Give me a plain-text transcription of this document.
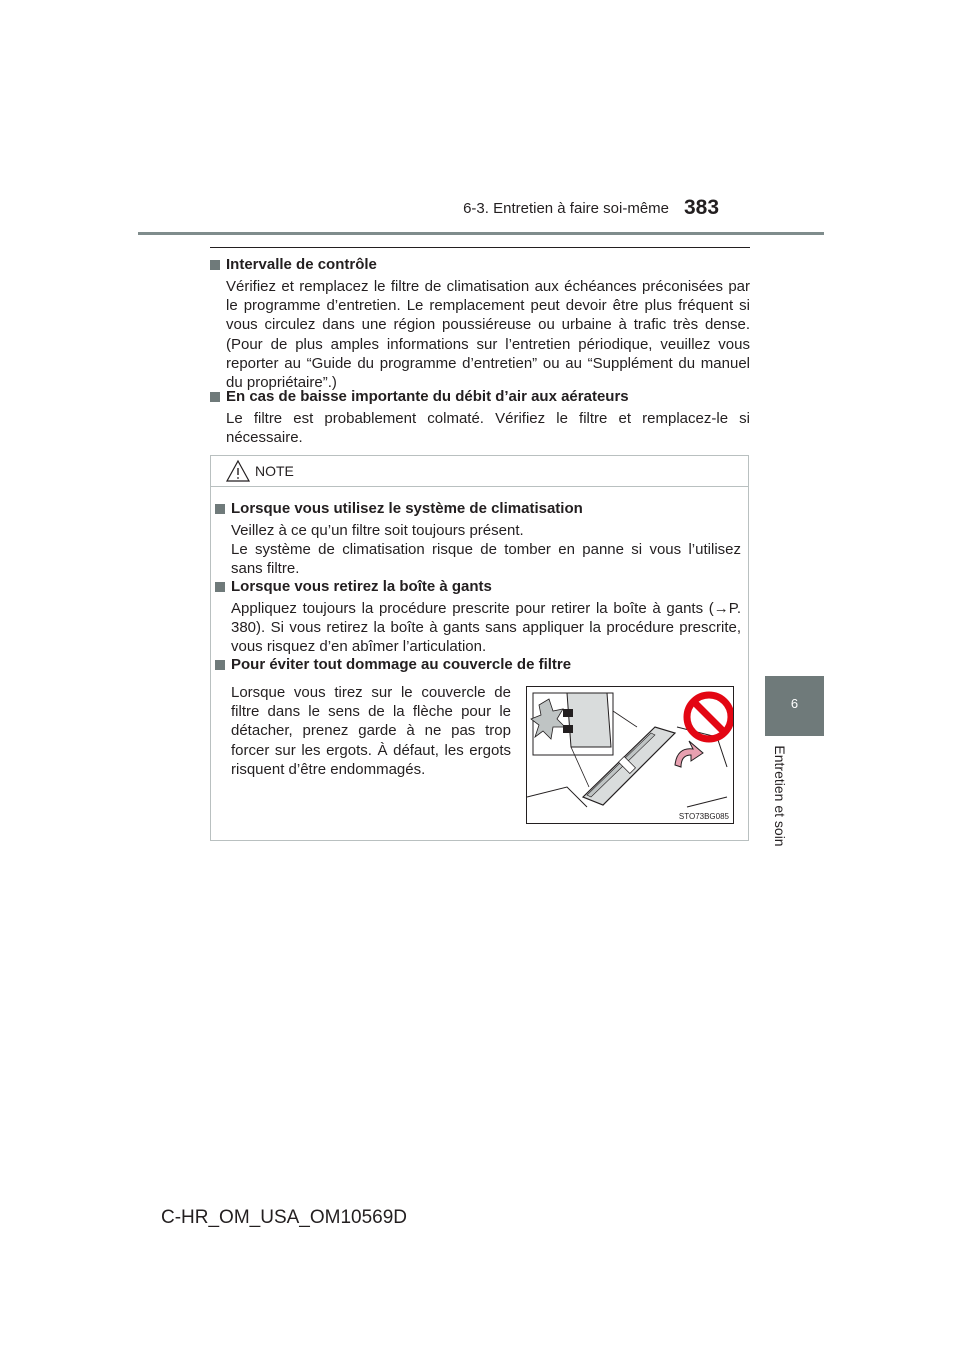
6-3. Entretien à faire soi-même 383
6
Entretien et soin
Intervalle de contrôle
Vérifiez et remplacez le filtre de climatisation aux échéances préconisées par le programme d’entretien. Le remplacement peut devoir être plus fréquent si vous circulez dans une région poussiéreuse ou urbaine à trafic très dense. (Pour de plus amples informations sur l’entretien périodique, veuillez vous reporter au “Guide du programme d’entretien” ou au “Supplément du manuel du propriétaire”.)
En cas de baisse importante du débit d’air aux aérateurs
Le filtre est probablement colmaté. Vérifiez le filtre et remplacez-le si nécessaire.
NOTE
Lorsque vous utilisez le système de climatisation
Veillez à ce qu’un filtre soit toujours présent.
Le système de climatisation risque de tomber en panne si vous l’utilisez sans filtre.
Lorsque vous retirez la boîte à gants
Appliquez toujours la procédure prescrite pour retirer la boîte à gants (→P. 380). Si vous retirez la boîte à gants sans appliquer la procédure prescrite, vous risquez d’en abîmer l’articulation.
Pour éviter tout dommage au couvercle de filtre
Lorsque vous tirez sur le couvercle de filtre dans le sens de la flèche pour le détacher, prenez garde à ne pas trop forcer sur les ergots. À défaut, les ergots risquent d’être endommagés.
STO73BG085
C-HR_OM_USA_OM10569D
